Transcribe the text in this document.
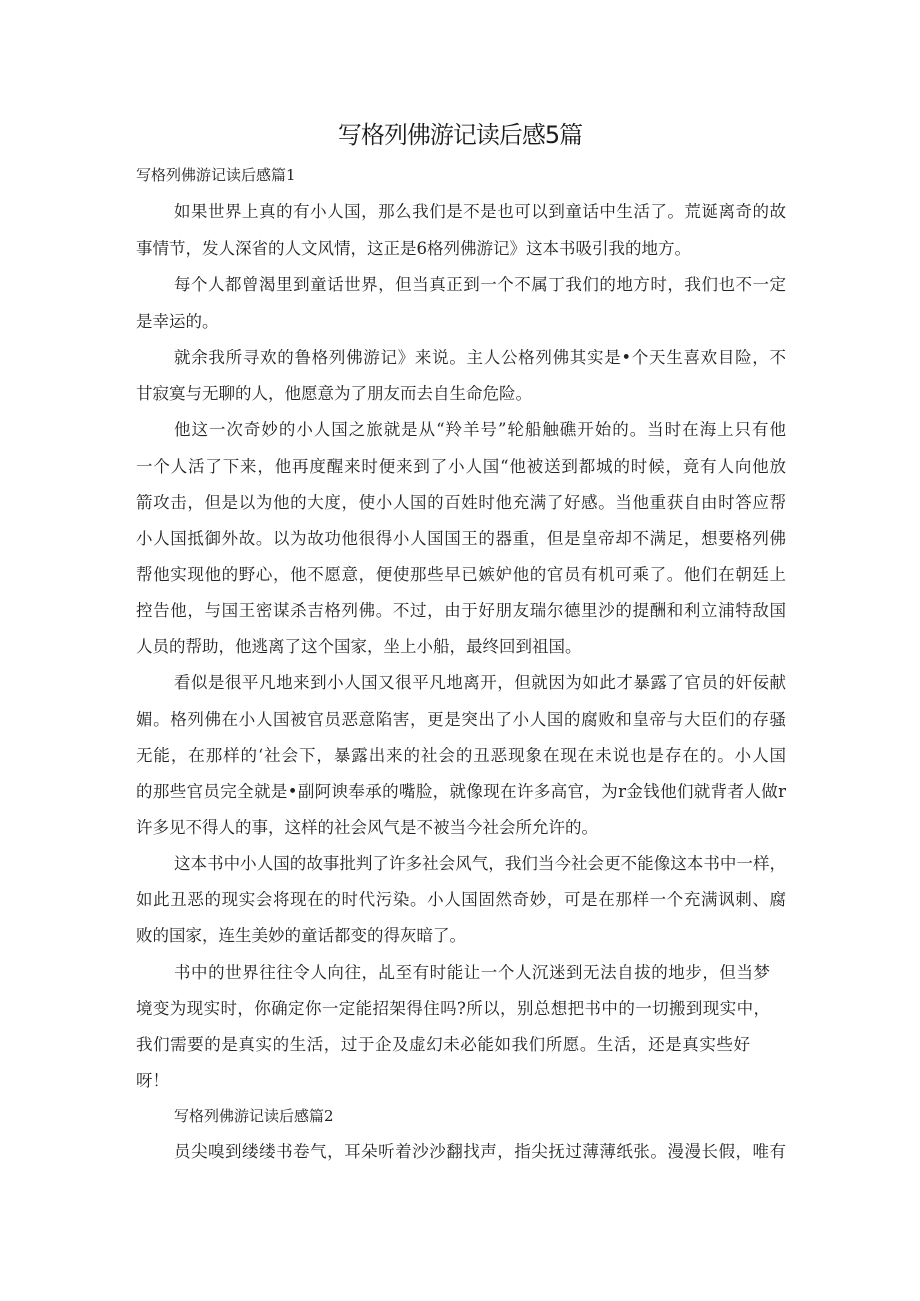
写格列佛游记读后感5篇

写格列佛游记读后感篇1

如果世界上真的有小人国，那么我们是不是也可以到童话中生活了。荒诞离奇的故

事情节，发人深省的人文风情，这正是6格列佛游记》这本书吸引我的地方。

每个人都曾渴里到童话世界，但当真正到一个不属丁我们的地方时，我们也不一定

是幸运的。

就余我所寻欢的鲁格列佛游记》来说。主人公格列佛其实是•个天生喜欢目险，不

甘寂寞与无聊的人，他愿意为了朋友而去自生命危险。

他这一次奇妙的小人国之旅就是从“羚羊号”轮船触礁开始的。当时在海上只有他

一个人活了下来，他再度醒来时便来到了小人国“他被送到都城的时候，竟有人向他放

箭攻击，但是以为他的大度，使小人国的百姓时他充满了好感。当他重获自由时答应帮

小人国抵御外故。以为故功他很得小人国国王的器重，但是皇帝却不满足，想要格列佛

帮他实现他的野心，他不愿意，便使那些早已嫉妒他的官员有机可乘了。他们在朝廷上

控告他，与国王密谋杀吉格列佛。不过，由于好朋友瑞尔德里沙的提酬和利立浦特敌国

人员的帮助，他逃离了这个国家，坐上小船，最终回到祖国。

看似是很平凡地来到小人国又很平凡地离开，但就因为如此才暴露了官员的奸佞献

媚。格列佛在小人国被官员恶意陷害，更是突出了小人国的腐败和皇帝与大臣们的存骚

无能，在那样的‘社会下，暴露出来的社会的丑恶现象在现在未说也是存在的。小人国

的那些官员完全就是•副阿谀奉承的嘴脸，就像现在许多高官，为r金钱他们就背者人做r

许多见不得人的事，这样的社会风气是不被当今社会所允许的。

这本书中小人国的故事批判了许多社会风气，我们当今社会更不能像这本书中一样，

如此丑恶的现实会将现在的时代污染。小人国固然奇妙，可是在那样一个充满讽刺、腐

败的国家，连生美妙的童话都变的得灰暗了。

书中的世界往往令人向往，乩至有时能让一个人沉迷到无法自拔的地步，但当梦

境变为现实时，你确定你一定能招架得住吗?所以，别总想把书中的一切搬到现实中，

我们需要的是真实的生活，过于企及虚幻未必能如我们所愿。生活，还是真实些好

呀！

写格列佛游记读后感篇2

员尖嗅到缕缕书卷气，耳朵听着沙沙翻找声，指尖抚过薄薄纸张。漫漫长假，唯有
